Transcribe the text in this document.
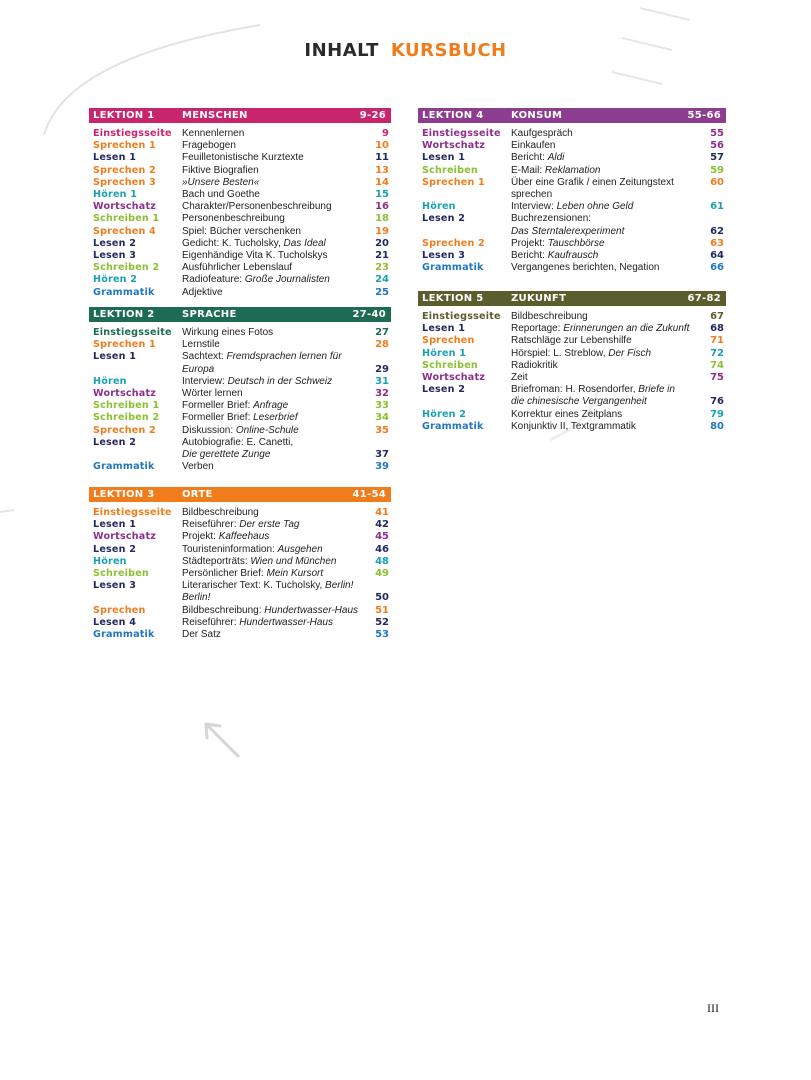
INHALT KURSBUCH
LEKTION 1	MENSCHEN	9-26
Einstiegsseite	Kennenlernen	9
Sprechen 1	Fragebogen	10
Lesen 1	Feuilletonistische Kurztexte	11
Sprechen 2	Fiktive Biografien	13
Sprechen 3	»Unsere Besten«	14
Hören 1	Bach und Goethe	15
Wortschatz	Charakter/Personenbeschreibung	16
Schreiben 1	Personenbeschreibung	18
Sprechen 4	Spiel: Bücher verschenken	19
Lesen 2	Gedicht: K. Tucholsky, Das Ideal	20
Lesen 3	Eigenhändige Vita K. Tucholskys	21
Schreiben 2	Ausführlicher Lebenslauf	23
Hören 2	Radiofeature: Große Journalisten	24
Grammatik	Adjektive	25
LEKTION 2	SPRACHE	27-40
Einstiegsseite	Wirkung eines Fotos	27
Sprechen 1	Lernstile	28
Lesen 1	Sachtext: Fremdsprachen lernen für
Europa	29
Hören	Interview: Deutsch in der Schweiz	31
Wortschatz	Wörter lernen	32
Schreiben 1	Formeller Brief: Anfrage	33
Schreiben 2	Formeller Brief: Leserbrief	34
Sprechen 2	Diskussion: Online-Schule	35
Lesen 2	Autobiografie: E. Canetti,
Die gerettete Zunge	37
Grammatik	Verben	39
LEKTION 3	ORTE	41-54
Einstiegsseite	Bildbeschreibung	41
Lesen 1	Reiseführer: Der erste Tag	42
Wortschatz	Projekt: Kaffeehaus	45
Lesen 2	Touristeninformation: Ausgehen	46
Hören	Städteporträts: Wien und München	48
Schreiben	Persönlicher Brief: Mein Kursort	49
Lesen 3	Literarischer Text: K. Tucholsky, Berlin!
Berlin!	50
Sprechen	Bildbeschreibung: Hundertwasser-Haus	51
Lesen 4	Reiseführer: Hundertwasser-Haus	52
Grammatik	Der Satz	53
LEKTION 4	KONSUM	55-66
Einstiegsseite	Kaufgespräch	55
Wortschatz	Einkaufen	56
Lesen 1	Bericht: Aldi	57
Schreiben	E-Mail: Reklamation	59
Sprechen 1	Über eine Grafik / einen Zeitungstext	60
sprechen
Hören	Interview: Leben ohne Geld	61
Lesen 2	Buchrezensionen:
Das Sterntalerexperiment	62
Sprechen 2	Projekt: Tauschbörse	63
Lesen 3	Bericht: Kaufrausch	64
Grammatik	Vergangenes berichten, Negation	66
LEKTION 5	ZUKUNFT	67-82
Einstiegsseite	Bildbeschreibung	67
Lesen 1	Reportage: Erinnerungen an die Zukunft	68
Sprechen	Ratschläge zur Lebenshilfe	71
Hören 1	Hörspiel: L. Streblow, Der Fisch	72
Schreiben	Radiokritik	74
Wortschatz	Zeit	75
Lesen 2	Briefroman: H. Rosendorfer, Briefe in
die chinesische Vergangenheit	76
Hören 2	Korrektur eines Zeitplans	79
Grammatik	Konjunktiv II, Textgrammatik	80
III
